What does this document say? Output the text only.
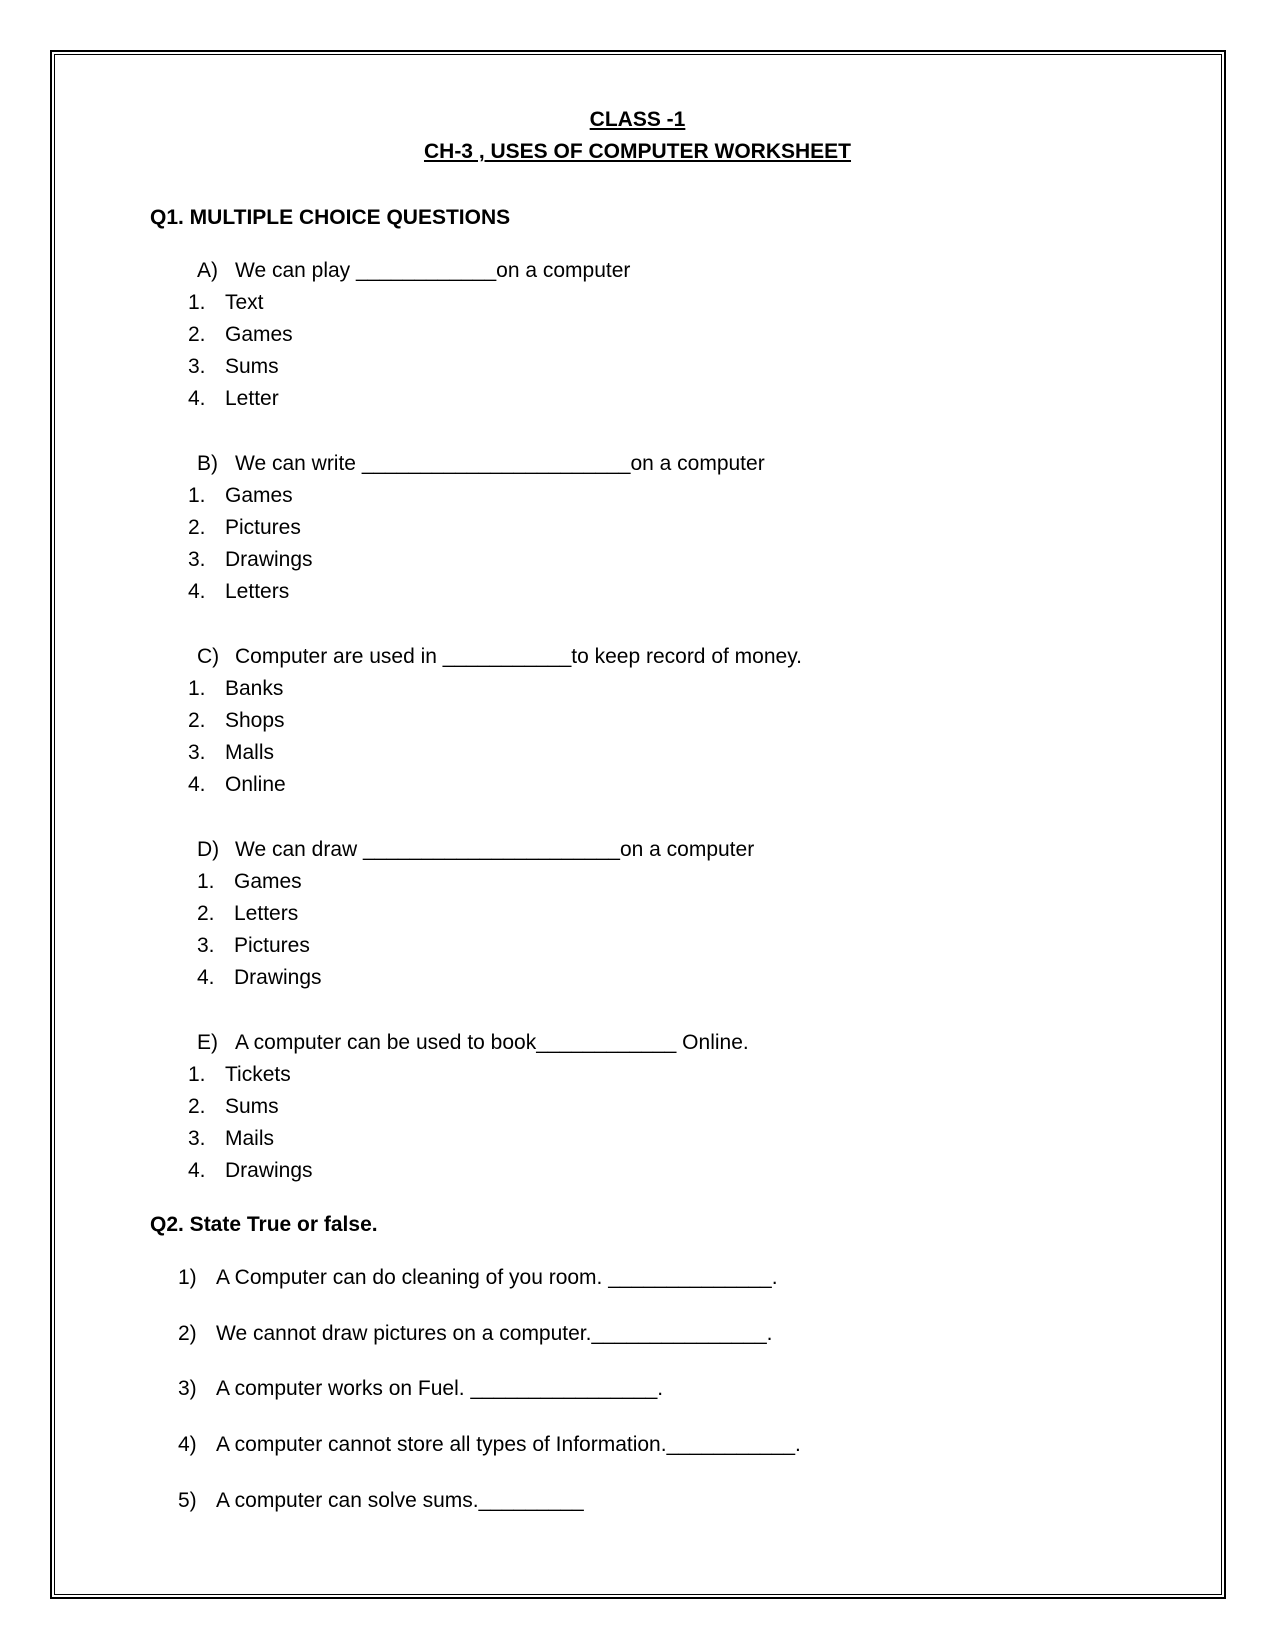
CLASS -1
CH-3 , USES OF COMPUTER WORKSHEET
Q1. MULTIPLE CHOICE QUESTIONS
A) We can play ____________on a computer
1. Text
2. Games
3. Sums
4. Letter
B) We can write _______________________on a computer
1. Games
2. Pictures
3. Drawings
4. Letters
C) Computer are used in ___________to keep record of money.
1. Banks
2. Shops
3. Malls
4. Online
D) We can draw ______________________on a computer
1. Games
2. Letters
3. Pictures
4. Drawings
E) A computer can be used to book____________ Online.
1. Tickets
2. Sums
3. Mails
4. Drawings
Q2. State True or false.
1) A Computer can do cleaning of you room. ______________.
2) We cannot draw pictures on a computer._______________.
3) A computer works on Fuel. ________________.
4) A computer cannot store all types of Information.___________.
5) A computer can solve sums._________
